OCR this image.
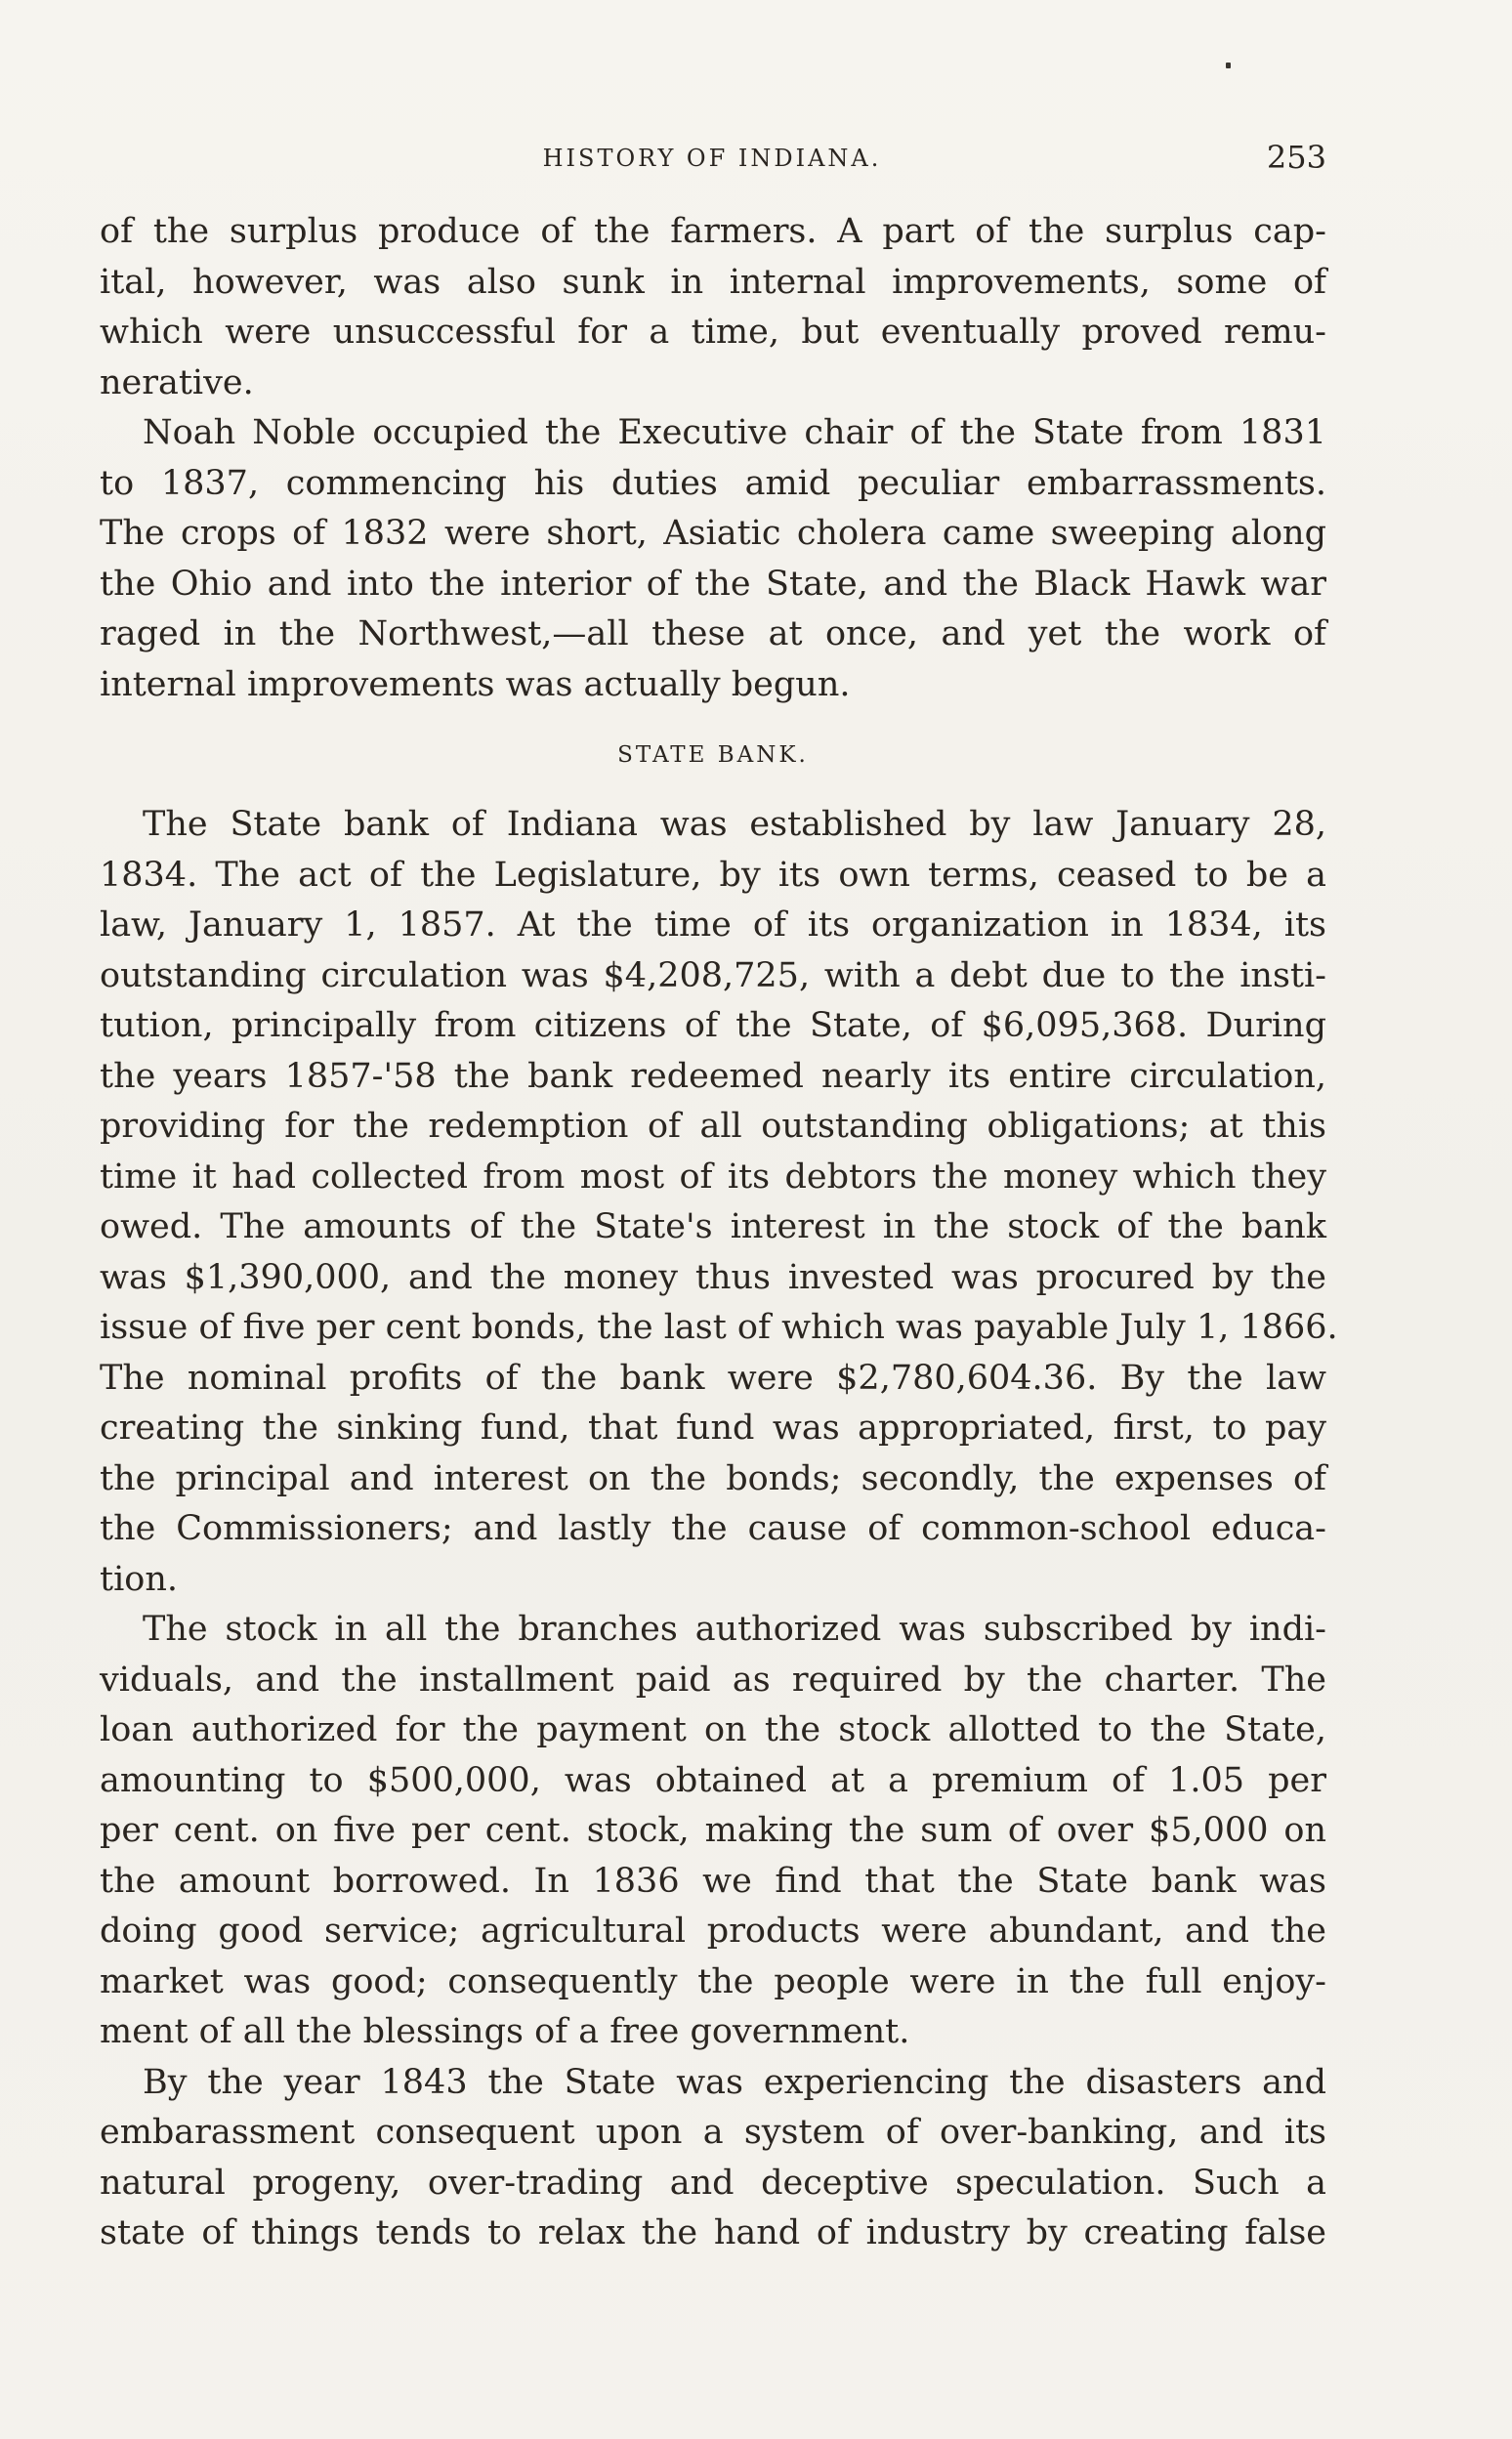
HISTORY OF INDIANA.	253
of the surplus produce of the farmers. A part of the surplus cap-
ital, however, was also sunk in internal improvements, some of
which were unsuccessful for a time, but eventually proved remu-
nerative.
Noah Noble occupied the Executive chair of the State from 1831
to 1837, commencing his duties amid peculiar embarrassments.
The crops of 1832 were short, Asiatic cholera came sweeping along
the Ohio and into the interior of the State, and the Black Hawk war
raged in the Northwest,—all these at once, and yet the work of
internal improvements was actually begun.
STATE BANK.
The State bank of Indiana was established by law January 28,
1834. The act of the Legislature, by its own terms, ceased to be a
law, January 1, 1857. At the time of its organization in 1834, its
outstanding circulation was $4,208,725, with a debt due to the insti-
tution, principally from citizens of the State, of $6,095,368. During
the years 1857-'58 the bank redeemed nearly its entire circulation,
providing for the redemption of all outstanding obligations; at this
time it had collected from most of its debtors the money which they
owed. The amounts of the State's interest in the stock of the bank
was $1,390,000, and the money thus invested was procured by the
issue of five per cent bonds, the last of which was payable July 1, 1866.
The nominal profits of the bank were $2,780,604.36. By the law
creating the sinking fund, that fund was appropriated, first, to pay
the principal and interest on the bonds; secondly, the expenses of
the Commissioners; and lastly the cause of common-school educa-
tion.
The stock in all the branches authorized was subscribed by indi-
viduals, and the installment paid as required by the charter. The
loan authorized for the payment on the stock allotted to the State,
amounting to $500,000, was obtained at a premium of 1.05 per
per cent. on five per cent. stock, making the sum of over $5,000 on
the amount borrowed. In 1836 we find that the State bank was
doing good service; agricultural products were abundant, and the
market was good; consequently the people were in the full enjoy-
ment of all the blessings of a free government.
By the year 1843 the State was experiencing the disasters and
embarassment consequent upon a system of over-banking, and its
natural progeny, over-trading and deceptive speculation. Such a
state of things tends to relax the hand of industry by creating false
